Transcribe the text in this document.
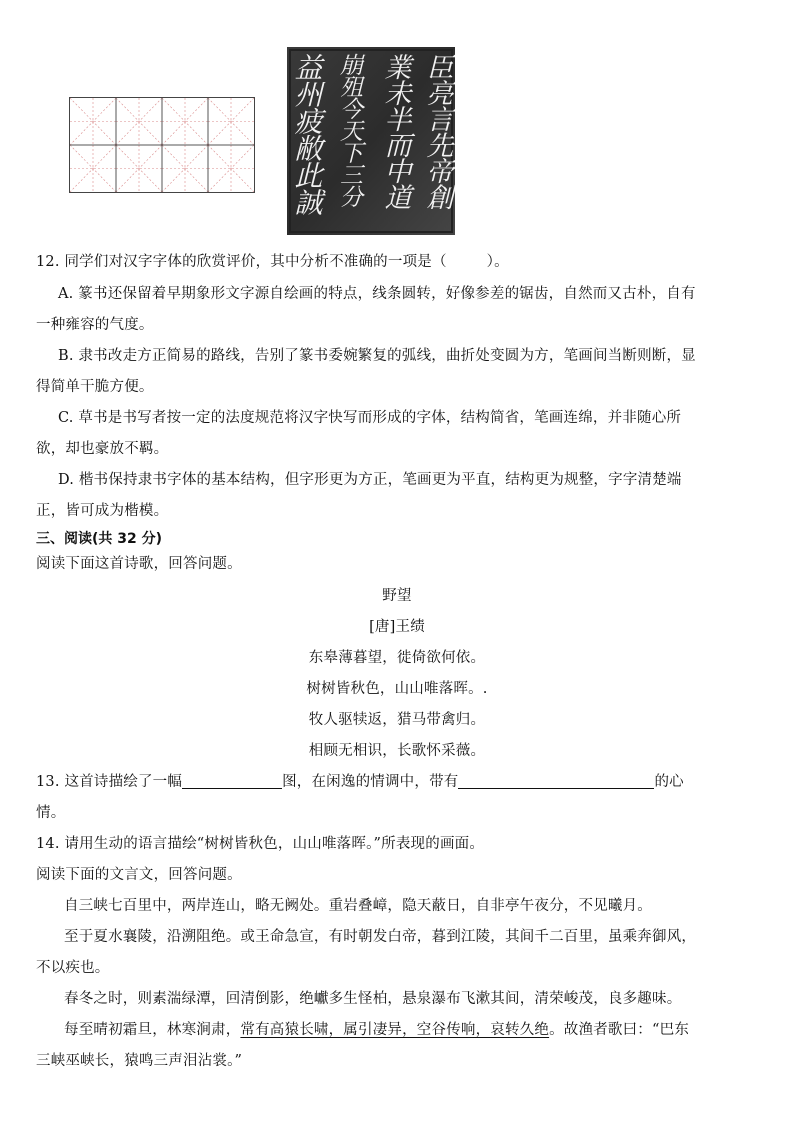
臣亮言先帝創
業未半而中道
崩殂今天下三分
益州疲敝此誠
12. 同学们对汉字字体的欣赏评价，其中分析不准确的一项是（	）。
A. 篆书还保留着早期象形文字源自绘画的特点，线条圆转，好像参差的锯齿，自然而又古朴，自有
一种雍容的气度。
B. 隶书改走方正简易的路线，告别了篆书委婉繁复的弧线，曲折处变圆为方，笔画间当断则断，显
得简单干脆方便。
C. 草书是书写者按一定的法度规范将汉字快写而形成的字体，结构简省，笔画连绵，并非随心所
欲，却也豪放不羁。
D. 楷书保持隶书字体的基本结构，但字形更为方正，笔画更为平直，结构更为规整，字字清楚端
正，皆可成为楷模。
三、阅读(共 32 分)
阅读下面这首诗歌，回答问题。
野望
[唐]王绩
东皋薄暮望，徙倚欲何依。
树树皆秋色，山山唯落晖。.
牧人驱犊返，猎马带禽归。
相顾无相识，长歌怀采薇。
13. 这首诗描绘了一幅	图，在闲逸的情调中，带有	的心
情。
14. 请用生动的语言描绘“树树皆秋色，山山唯落晖。”所表现的画面。
阅读下面的文言文，回答问题。
自三峡七百里中，两岸连山，略无阙处。重岩叠嶂，隐天蔽日，自非亭午夜分，不见曦月。
至于夏水襄陵，沿溯阻绝。或王命急宣，有时朝发白帝，暮到江陵，其间千二百里，虽乘奔御风，
不以疾也。
春冬之时，则素湍绿潭，回清倒影，绝巘多生怪柏，悬泉瀑布飞漱其间，清荣峻茂，良多趣味。
每至晴初霜旦，林寒涧肃，常有高猿长啸，属引凄异，空谷传响，哀转久绝。故渔者歌曰：“巴东
三峡巫峡长，猿鸣三声泪沾裳。”
